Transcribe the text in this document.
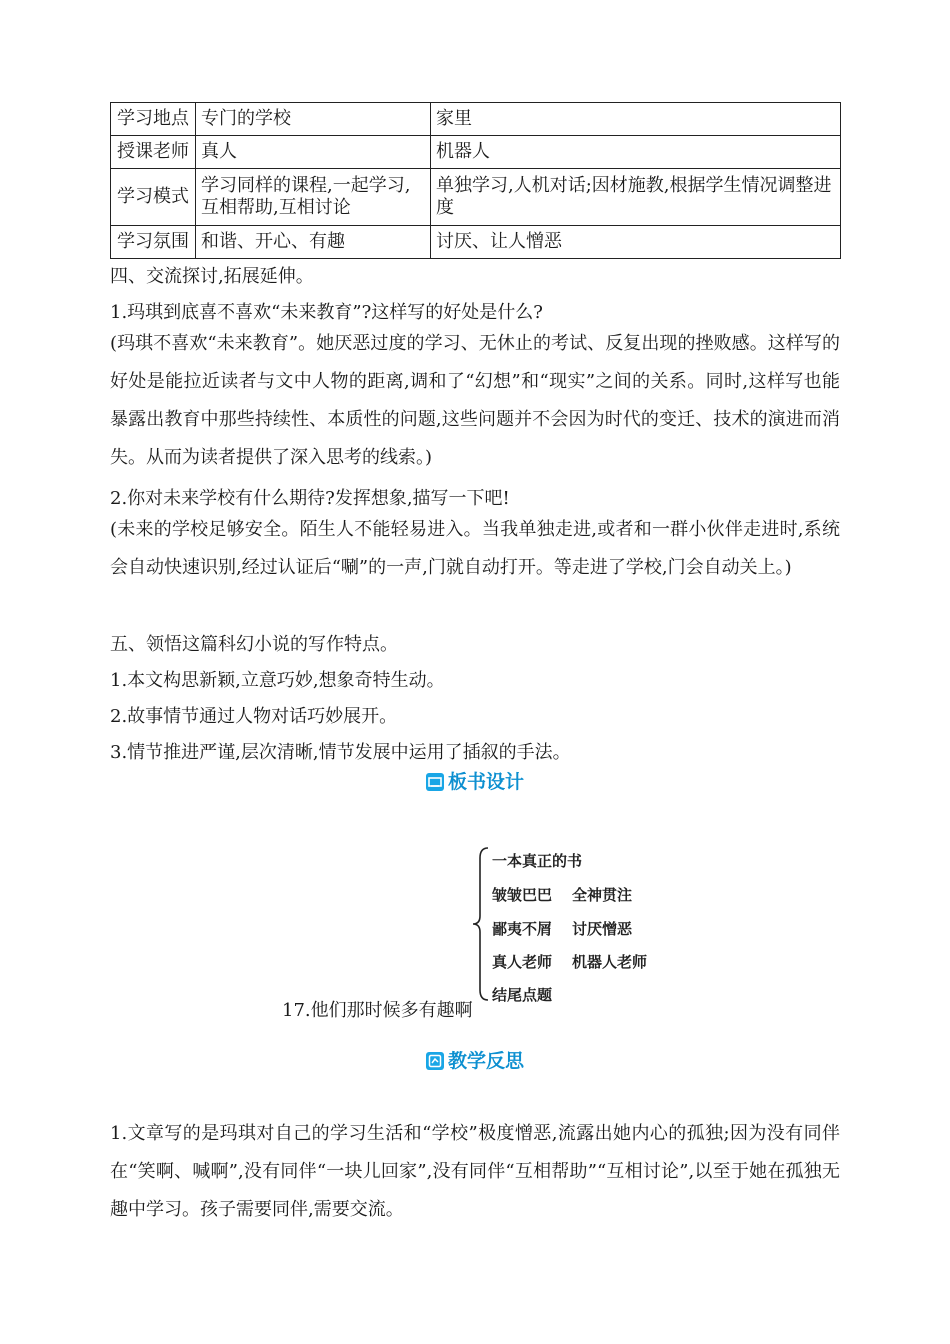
学习地点	专门的学校	家里
授课老师	真人	机器人
学习模式	学习同样的课程,一起学习,互相帮助,互相讨论	单独学习,人机对话;因材施教,根据学生情况调整进度
学习氛围	和谐、开心、有趣	讨厌、让人憎恶
四、交流探讨,拓展延伸。
1.玛琪到底喜不喜欢“未来教育”?这样写的好处是什么?
(玛琪不喜欢“未来教育”。她厌恶过度的学习、无休止的考试、反复出现的挫败感。这样写的好处是能拉近读者与文中人物的距离,调和了“幻想”和“现实”之间的关系。同时,这样写也能暴露出教育中那些持续性、本质性的问题,这些问题并不会因为时代的变迁、技术的演进而消失。从而为读者提供了深入思考的线索。)
2.你对未来学校有什么期待?发挥想象,描写一下吧!
(未来的学校足够安全。陌生人不能轻易进入。当我单独走进,或者和一群小伙伴走进时,系统会自动快速识别,经过认证后“唰”的一声,门就自动打开。等走进了学校,门会自动关上。)
五、领悟这篇科幻小说的写作特点。
1.本文构思新颖,立意巧妙,想象奇特生动。
2.故事情节通过人物对话巧妙展开。
3.情节推进严谨,层次清晰,情节发展中运用了插叙的手法。
板书设计
一本真正的书
皱皱巴巴 全神贯注
鄙夷不屑 讨厌憎恶
真人老师 机器人老师
结尾点题
17.他们那时候多有趣啊
教学反思
1.文章写的是玛琪对自己的学习生活和“学校”极度憎恶,流露出她内心的孤独;因为没有同伴在“笑啊、喊啊”,没有同伴“一块儿回家”,没有同伴“互相帮助”“互相讨论”,以至于她在孤独无趣中学习。孩子需要同伴,需要交流。
